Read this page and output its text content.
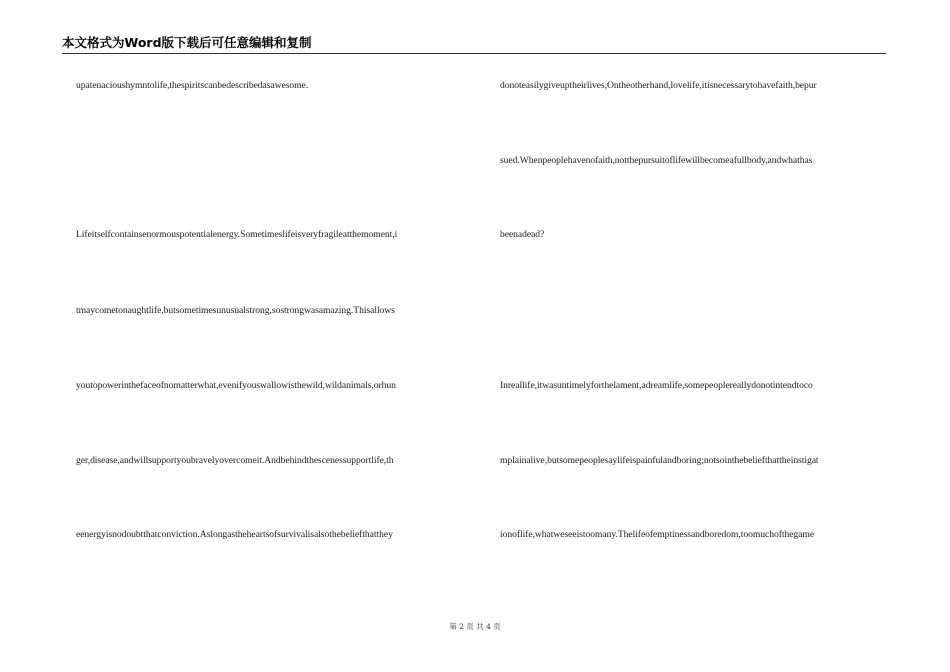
本文格式为Word版下载后可任意编辑和复制
upatenacioushymntolife,thespiritscanbedescribedasawesome.
Lifeitselfcontainsenormouspotentialenergy.Sometimeslifeisveryfragileatthemoment,i
tmaycometonaughtlife,butsometimesunusualstrong,sostrongwasamazing.Thisallows
youtopowerinthefaceofnomatterwhat,evenifyouswallowisthewild,wildanimals,orhun
ger,disease,andwillsupportyoubravelyovercomeit.Andbehindthescenessupportlife,th
eenergyisnodoubtthatconviction.Aslongastheheartsofsurvivalisalsothebeliefthatthey
donoteasilygiveuptheirlives,Ontheotherhand,lovelife,itisnecessarytohavefaith,bepur
sued.Whenpeoplehavenofaith,notthepursuitoflifewillbecomeafullbody,andwhathas
beenadead?
Inreallife,itwasuntimelyforthelament,adreamlife,somepeoplereallydonotintendtoco
mplainalive,butsomepeoplesaylifeispainfulandboring;notsointhebeliefthattheinstigat
ionoflife,whatweseeistoomany.Thelifeofemptinessandboredom,toomuchofthegame
第 2 页 共 4 页
